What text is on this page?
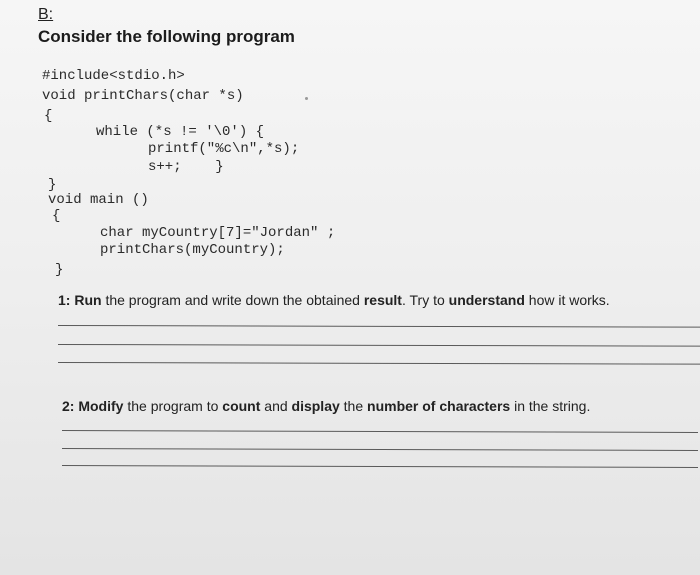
B:
Consider the following program
#include<stdio.h>
void printChars(char *s)
{
while (*s != '\0') {
printf("%c\n",*s);
s++;    }
}
void main ()
{
char myCountry[7]="Jordan" ;
printChars(myCountry);
}
1: Run the program and write down the obtained result. Try to understand how it works.
2: Modify the program to count and display the number of characters in the string.
